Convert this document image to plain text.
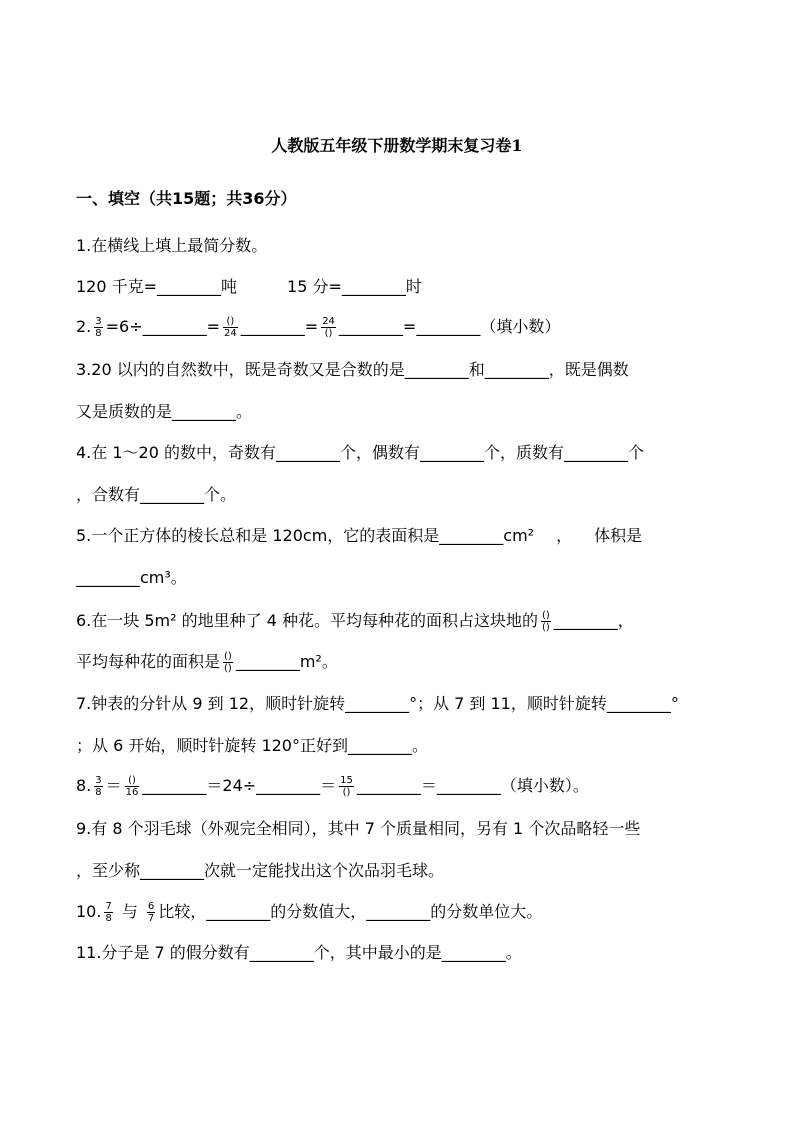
人教版五年级下册数学期末复习卷1
一、填空（共15题；共36分）
1.在横线上填上最简分数。
120 千克=________吨	15 分=________时
2. $\frac{3}{8}$ =6÷________= $\frac{()}{24}$ ________= $\frac{24}{()}$ ________=________（填小数）
3.20 以内的自然数中，既是奇数又是合数的是________和________，既是偶数
又是质数的是________。
4.在 1～20 的数中，奇数有________个，偶数有________个，质数有________个
，合数有________个。
5.一个正方体的棱长总和是 120cm，它的表面积是________cm² ， 体积是
________cm³。
6.在一块 5m² 的地里种了 4 种花。平均每种花的面积占这块地的 $\frac{()}{()}$ ________，
平均每种花的面积是 $\frac{()}{()}$ ________m²。
7.钟表的分针从 9 到 12，顺时针旋转________°；从 7 到 11，顺时针旋转________°
；从 6 开始，顺时针旋转 120°正好到________。
8. $\frac{3}{8} = \frac{()}{16}$ ________＝24÷________＝ $\frac{15}{()}$ ________＝________（填小数）。
9.有 8 个羽毛球（外观完全相同），其中 7 个质量相同，另有 1 个次品略轻一些
，至少称________次就一定能找出这个次品羽毛球。
10. $\frac{7}{8}$ 与 $\frac{6}{7}$ 比较，________的分数值大，________的分数单位大。
11.分子是 7 的假分数有________个，其中最小的是________。
